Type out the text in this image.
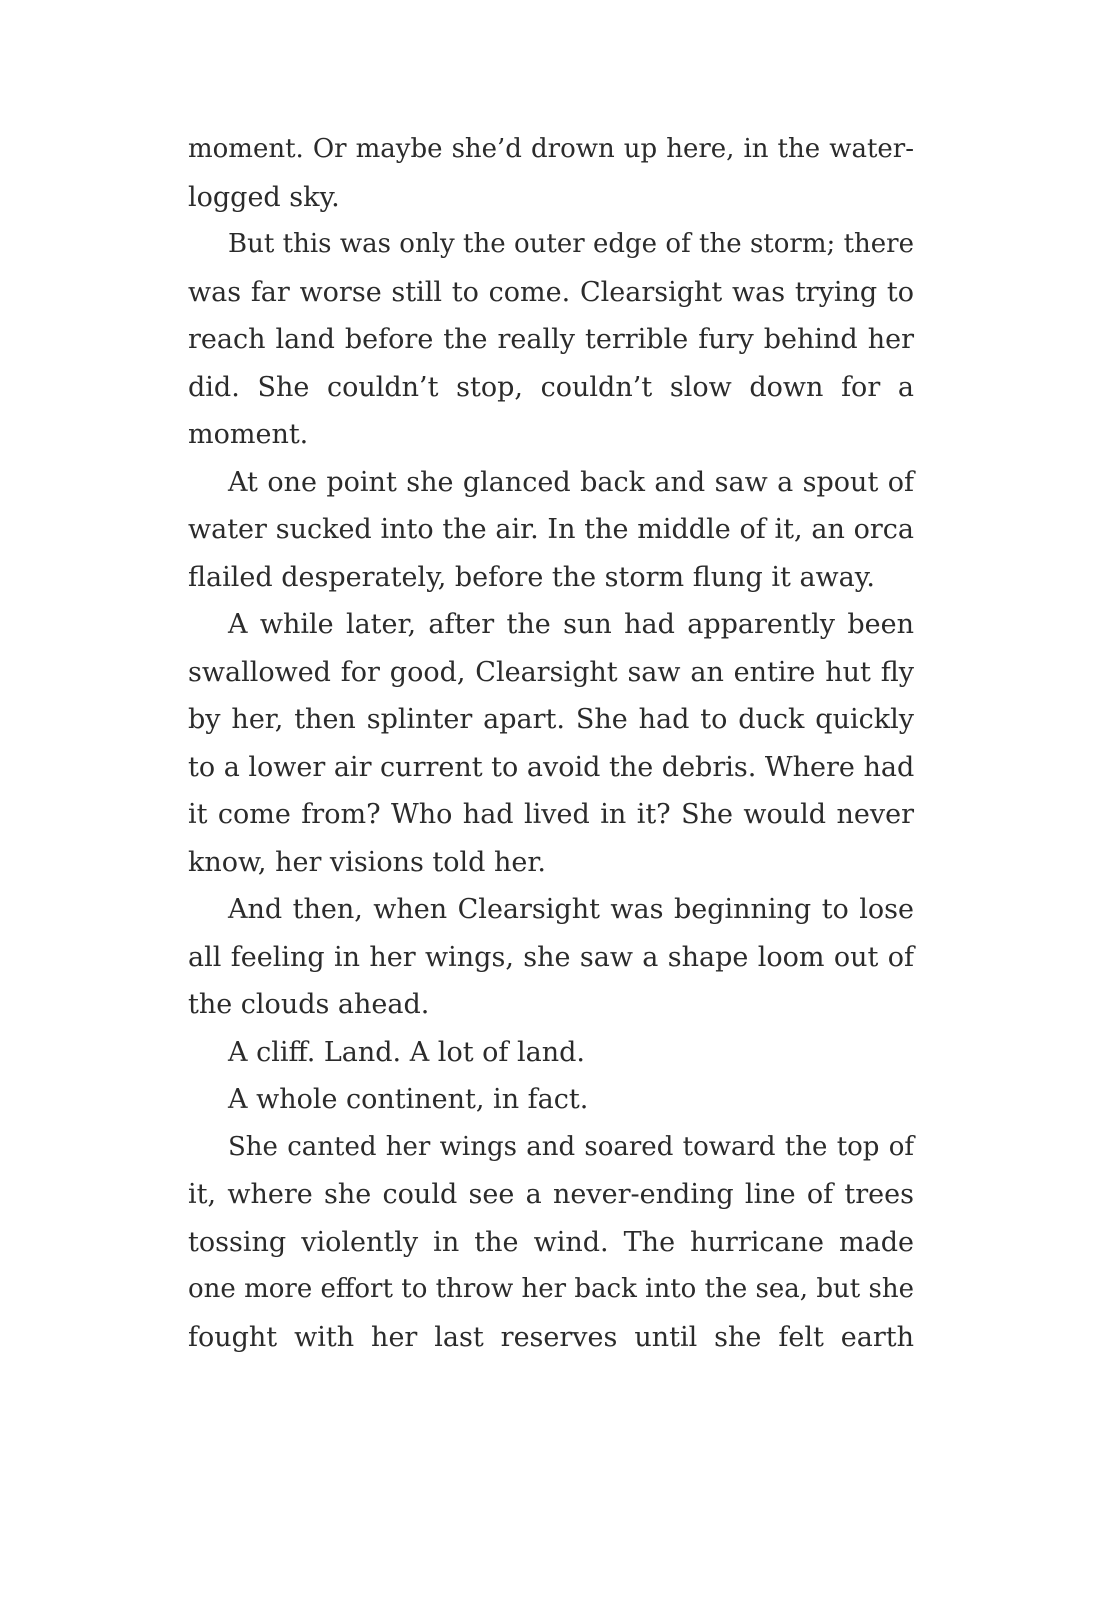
moment. Or maybe she’d drown up here, in the water-
logged sky.
But this was only the outer edge of the storm; there
was far worse still to come. Clearsight was trying to
reach land before the really terrible fury behind her
did. She couldn’t stop, couldn’t slow down for a
moment.
At one point she glanced back and saw a spout of
water sucked into the air. In the middle of it, an orca
flailed desperately, before the storm flung it away.
A while later, after the sun had apparently been
swallowed for good, Clearsight saw an entire hut fly
by her, then splinter apart. She had to duck quickly
to a lower air current to avoid the debris. Where had
it come from? Who had lived in it? She would never
know, her visions told her.
And then, when Clearsight was beginning to lose
all feeling in her wings, she saw a shape loom out of
the clouds ahead.
A cliff. Land. A lot of land.
A whole continent, in fact.
She canted her wings and soared toward the top of
it, where she could see a never-ending line of trees
tossing violently in the wind. The hurricane made
one more effort to throw her back into the sea, but she
fought with her last reserves until she felt earth
